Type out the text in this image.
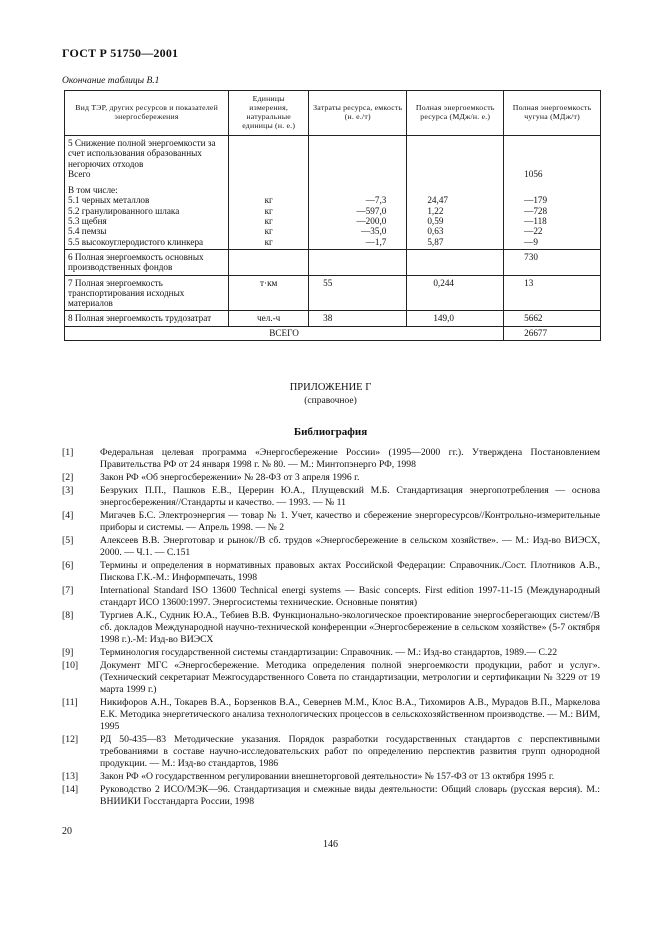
ГОСТ Р 51750—2001
Окончание таблицы В.1
Вид ТЭР, других ресурсов и показателей энергосбережения	Единицы измерения, натуральные единицы (н. е.)	Затраты ресурса, емкость (н. е./т)	Полная энергоемкость ресурса (МДж/н. е.)	Полная энергоемкость чугуна (МДж/т)
5 Снижение полной энергоемкости за счет использования образованных негорючих отходов				
Всего				1056
В том числе:				
5.1 черных металлов	кг	—7,3	24,47	—179
5.2 гранулированного шлака	кг	—597,0	1,22	—728
5.3 щебня	кг	—200,0	0,59	—118
5.4 пемзы	кг	—35,0	0,63	—22
5.5 высокоуглеродистого клинкера	кг	—1,7	5,87	—9
6 Полная энергоемкость основных производственных фондов				730
7 Полная энергоемкость транспортирования исходных материалов	т·км	55	0,244	13
8 Полная энергоемкость трудозатрат	чел.-ч	38	149,0	5662
ВСЕГО				26677
ПРИЛОЖЕНИЕ Г
(справочное)
Библиография
[1]	Федеральная целевая программа «Энергосбережение России» (1995—2000 гг.). Утверждена Постановлением Правительства РФ от 24 января 1998 г. № 80. — М.: Минтопэнерго РФ, 1998
[2]	Закон РФ «Об энергосбережении» № 28-ФЗ от 3 апреля 1996 г.
[3]	Безруких П.П., Пашков Е.В., Цеpeрин Ю.А., Плущевский М.Б. Стандартизация энергопотребления — основа энергосбережения//Стандарты и качество. — 1993. — № 11
[4]	Мигачев Б.С. Электроэнергия — товар № 1. Учет, качество и сбережение энергоресурсов//Контрольно-измерительные приборы и системы. — Апрель 1998. — № 2
[5]	Алексеев В.В. Энерготовар и рынок//В сб. трудов «Энергосбережение в сельском хозяйстве». — М.: Изд-во ВИЭСХ, 2000. — Ч.1. — С.151
[6]	Термины и определения в нормативных правовых актах Российской Федерации: Справочник./Сост. Плотников А.В., Пискова Г.К.-М.: Информпечать, 1998
[7]	International Standard ISO 13600 Technical energi systems — Basic concepts. First edition 1997-11-15 (Международный стандарт ИСО 13600:1997. Энергосистемы технические. Основные понятия)
[8]	Тургиев А.К., Судник Ю.А., Тебиев В.В. Функционально-экологическое проектирование энергосберегающих систем//В сб. докладов Международной научно-технической конференции «Энергосбережение в сельском хозяйстве» (5-7 октября 1998 г.).-М: Изд-во ВИЭСХ
[9]	Терминология государственной системы стандартизации: Справочник. — М.: Изд-во стандартов, 1989.— С.22
[10] Документ МГС «Энергосбережение. Методика определения полной энергоемкости продукции, работ и услуг». (Технический секретариат Межгосударственного Совета по стандартизации, метрологии и сертификации № 3229 от 19 марта 1999 г.)
[11] Никифоров А.Н., Токарев В.А., Борзенков В.А., Севернев М.М., Клос В.А., Тихомиров А.В., Мурадов В.П., Маркелова Е.К. Методика энергетического анализа технологических процессов в сельскохозяйственном производстве. — М.: ВИМ, 1995
[12] РД 50-435—83 Методические указания. Порядок разработки государственных стандартов с перспективными требованиями в составе научно-исследовательских работ по определению перспектив развития групп однородной продукции. — М.: Изд-во стандартов, 1986
[13] Закон РФ «О государственном регулировании внешнеторговой деятельности» № 157-ФЗ от 13 октября 1995 г.
[14] Руководство 2 ИСО/МЭК—96. Стандартизация и смежные виды деятельности: Общий словарь (русская версия). М.: ВНИИКИ Госстандарта России, 1998
20
146
